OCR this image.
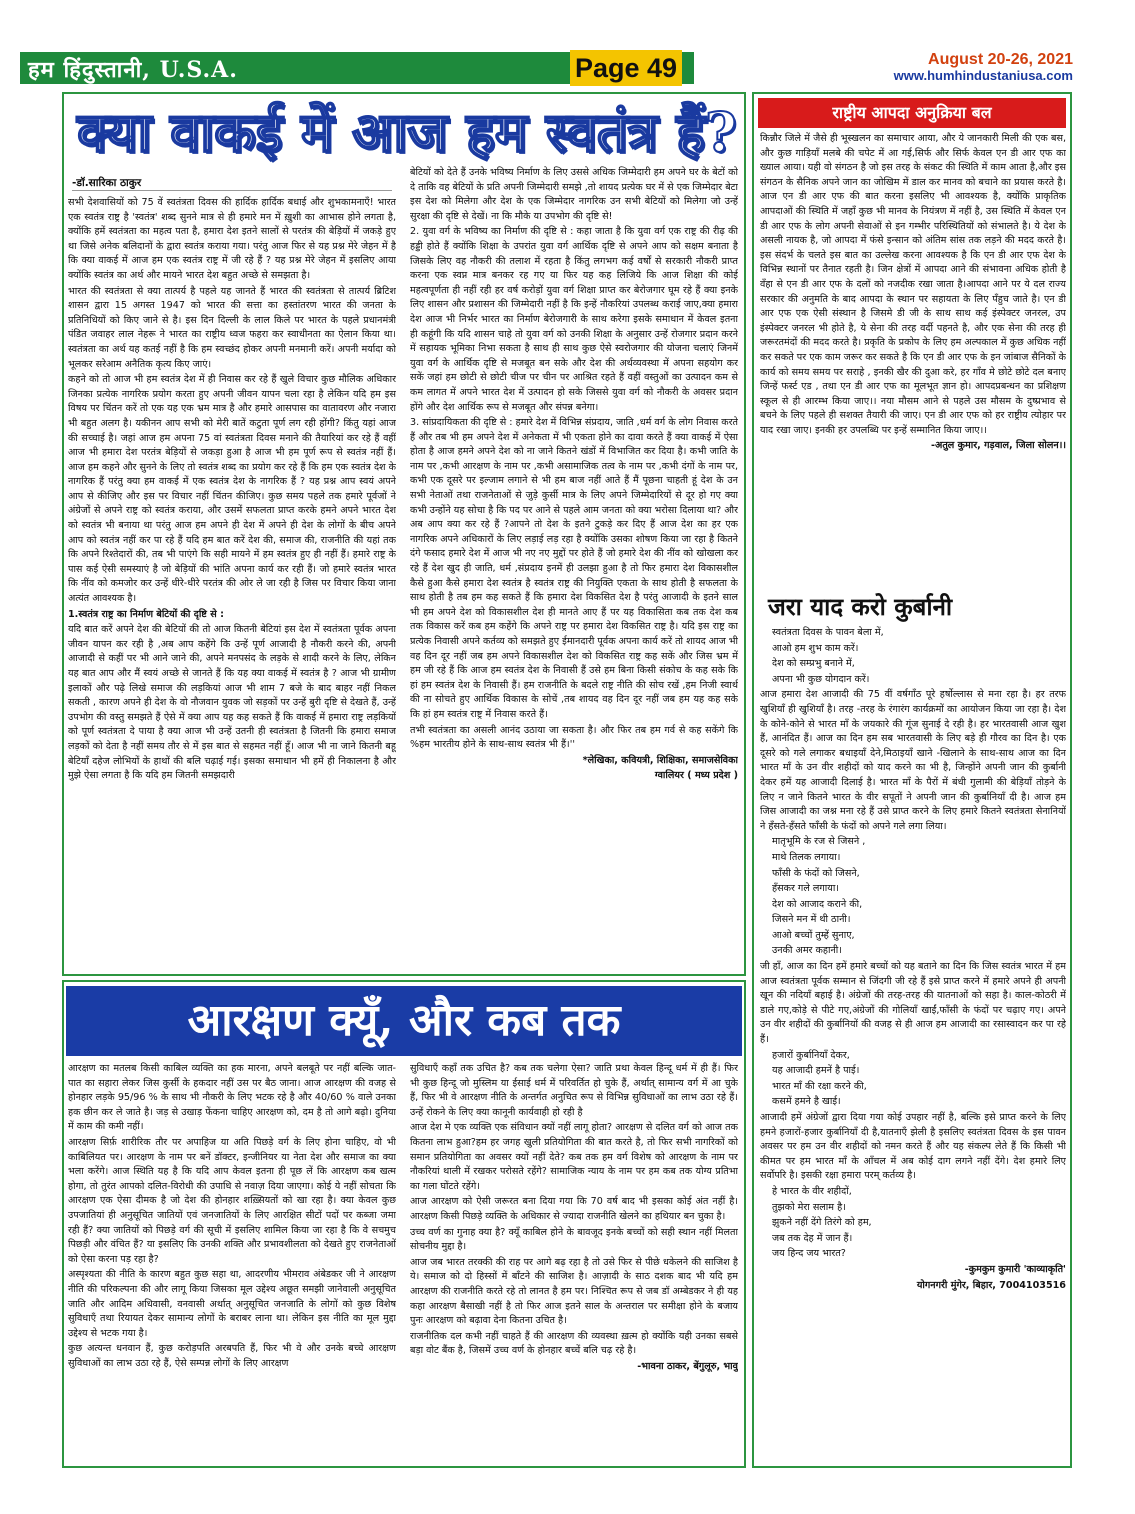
हम हिंदुस्तानी, U.S.A.	Page 49	August 20-26, 2021
www.humhindustaniusa.com
क्या वाकई में आज हम स्वतंत्र हैं?
-डॉ.सारिका ठाकुर

सभी देशवासियों को 75 वें स्वतंत्रता दिवस की हार्दिक हार्दिक बधाई और शुभकामनाएँ! भारत एक स्वतंत्र राष्ट्र है 'स्वतंत्र' शब्द सुनने मात्र से ही हमारे मन में ख़ुशी का आभास होने लगता है, क्योंकि हमें स्वतंत्रता का महत्व पता है, हमारा देश इतने सालों से परतंत्र की बेड़ियों में जकड़े हुए था जिसे अनेक बलिदानों के द्वारा स्वतंत्र कराया गया। परंतु आज फिर से यह प्रश्न मेरे जेहन में है कि क्या वाकई में आज हम एक स्वतंत्र राष्ट्र में जी रहे हैं ? यह प्रश्न मेरे जेहन में इसलिए आया क्योंकि स्वतंत्र का अर्थ और मायने भारत देश बहुत अच्छे से समझता है।

भारत की स्वतंत्रता से क्या तात्पर्य है पहले यह जानते हैं भारत की स्वतंत्रता से तात्पर्य ब्रिटिश शासन द्वारा 15 अगस्त 1947 को भारत की सत्ता का हस्तांतरण भारत की जनता के प्रतिनिधियों को किए जाने से है। इस दिन दिल्ली के लाल किले पर भारत के पहले प्रधानमंत्री पंडित जवाहर लाल नेहरू ने भारत का राष्ट्रीय ध्वज फहरा कर स्वाधीनता का ऐलान किया था। स्वतंत्रता का अर्थ यह कतई नहीं है कि हम स्वच्छंद होकर अपनी मनमानी करें। अपनी मर्यादा को भूलकर सरेआम अनैतिक कृत्य किए जाएं।

कहने को तो आज भी हम स्वतंत्र देश में ही निवास कर रहे हैं खुले विचार कुछ मौलिक अधिकार जिनका प्रत्येक नागरिक प्रयोग करता हुए अपनी जीवन यापन चला रहा है लेकिन यदि हम इस विषय पर चिंतन करें तो एक यह एक भ्रम मात्र है और हमारे आसपास का वातावरण और नजारा भी बहुत अलग है। यकीनन आप सभी को मेरी बातें कटुता पूर्ण लग रही होंगी? किंतु यहां आज की सच्चाई है। जहां आज हम अपना 75 वां स्वतंत्रता दिवस मनाने की तैयारियां कर रहे हैं वहीं आज भी हमारा देश परतंत्र बेड़ियों से जकड़ा हुआ है आज भी हम पूर्ण रूप से स्वतंत्र नहीं हैं। आज हम कहने और सुनने के लिए तो स्वतंत्र शब्द का प्रयोग कर रहे हैं कि हम एक स्वतंत्र देश के नागरिक हैं परंतु क्या हम वाकई में एक स्वतंत्र देश के नागरिक हैं ? यह प्रश्न आप स्वयं अपने आप से कीजिए और इस पर विचार नहीं चिंतन कीजिए। कुछ समय पहले तक हमारे पूर्वजों ने अंग्रेजों से अपने राष्ट्र को स्वतंत्र कराया, और उसमें सफलता प्राप्त करके हमने अपने भारत देश को स्वतंत्र भी बनाया था परंतु आज हम अपने ही देश में अपने ही देश के लोगों के बीच अपने आप को स्वतंत्र नहीं कर पा रहे हैं यदि हम बात करें देश की, समाज की, राजनीति की यहां तक कि अपने रिश्तेदारों की, तब भी पाएंगे कि सही मायने में हम स्वतंत्र हुए ही नहीं हैं। हमारे राष्ट्र के पास कई ऐसी समस्याएं है जो बेड़ियों की भांति अपना कार्य कर रही हैं। जो हमारे स्वतंत्र भारत कि नींव को कमजोर कर उन्हें धीरे-धीरे परतंत्र की ओर ले जा रही है जिस पर विचार किया जाना अत्यंत आवश्यक है।

1.स्वतंत्र राष्ट्र का निर्माण बेटियों की दृष्टि से :

यदि बात करें अपने देश की बेटियों की तो आज कितनी बेटियां इस देश में स्वतंत्रता पूर्वक अपना जीवन यापन कर रही है ,अब आप कहेंगे कि उन्हें पूर्ण आजादी है नौकरी करने की, अपनी आजादी से कहीं पर भी आने जाने की, अपने मनपसंद के लड़के से शादी करने के लिए, लेकिन यह बात आप और मैं स्वयं अच्छे से जानते हैं कि यह क्या वाकई में स्वतंत्र है ? आज भी ग्रामीण इलाकों और पढ़े लिखे समाज की लड़कियां आज भी शाम 7 बजे के बाद बाहर नहीं निकल सकती , कारण अपने ही देश के वो नौजवान युवक जो सड़कों पर उन्हें बुरी दृष्टि से देखते हैं, उन्हें उपभोग की वस्तु समझते हैं ऐसे में क्या आप यह कह सकते हैं कि वाकई में हमारा राष्ट्र लड़कियों को पूर्ण स्वतंत्रता दे पाया है क्या आज भी उन्हें उतनी ही स्वतंत्रता है जितनी कि हमारा समाज लड़कों को देता है नहीं समय तौर से में इस बात से सहमत नहीं हूँ। आज भी ना जाने कितनी बहू बेटियाँ दहेज लोभियों के हाथों की बलि चढ़ाई गई। इसका समाधान भी हमें ही निकालना है और मुझे ऐसा लगता है कि यदि हम जितनी समझदारी

बेटियों को देते हैं उनके भविष्य निर्माण के लिए उससे अधिक जिम्मेदारी हम अपने घर के बेटों को दे ताकि वह बेटियों के प्रति अपनी जिम्मेदारी समझे ,तो शायद प्रत्येक घर में से एक जिम्मेदार बेटा इस देश को मिलेगा और देश के एक जिम्मेदार नागरिक उन सभी बेटियों को मिलेगा जो उन्हें सुरक्षा की दृष्टि से देखें। ना कि मौके या उपभोग की दृष्टि से!

2. युवा वर्ग के भविष्य का निर्माण की दृष्टि से : कहा जाता है कि युवा वर्ग एक राष्ट्र की रीढ़ की हड्डी होते हैं क्योंकि शिक्षा के उपरांत युवा वर्ग आर्थिक दृष्टि से अपने आप को सक्षम बनाता है जिसके लिए वह नौकरी की तलाश में रहता है किंतु लगभग कई वर्षों से सरकारी नौकरी प्राप्त करना एक स्वप्न मात्र बनकर रह गए या फिर यह कह लिजिये कि आज शिक्षा की कोई महत्वपूर्णता ही नहीं रही हर वर्ष करोड़ों युवा वर्ग शिक्षा प्राप्त कर बेरोजगार घूम रहे हैं क्या इनके लिए शासन और प्रशासन की जिम्मेदारी नहीं है कि इन्हें नौकरियां उपलब्ध कराई जाए,क्या हमारा देश आज भी निर्भर भारत का निर्माण बेरोजगारी के साथ करेगा इसके समाधान में केवल इतना ही कहूंगी कि यदि शासन चाहे तो युवा वर्ग को उनकी शिक्षा के अनुसार उन्हें रोजगार प्रदान करने में सहायक भूमिका निभा सकता है साथ ही साथ कुछ ऐसे स्वरोजगार की योजना चलाएं जिनमें युवा वर्ग के आर्थिक दृष्टि से मजबूत बन सके और देश की अर्थव्यवस्था में अपना सहयोग कर सकें जहां हम छोटी से छोटी चीज पर चीन पर आश्रित रहते हैं वहीं वस्तुओं का उत्पादन कम से कम लागत में अपने भारत देश में उत्पादन हो सके जिससे युवा वर्ग को नौकरी के अवसर प्रदान होंगे और देश आर्थिक रूप से मजबूत और संपन्न बनेगा।

3. सांप्रदायिकता की दृष्टि से : हमारे देश में विभिन्न संप्रदाय, जाति ,धर्म वर्ग के लोग निवास करते हैं और तब भी हम अपने देश में अनेकता में भी एकता होने का दावा करते हैं क्या वाकई में ऐसा होता है आज हमने अपने देश को ना जाने कितने खंडों में विभाजित कर दिया है। कभी जाति के नाम पर ,कभी आरक्षण के नाम पर ,कभी असामाजिक तत्व के नाम पर ,कभी दंगों के नाम पर, कभी एक दूसरे पर इल्जाम लगाने से भी हम बाज नहीं आते हैं मैं पूछना चाहती हूं देश के उन सभी नेताओं तथा राजनेताओं से जुड़े कुर्सी मात्र के लिए अपने जिम्मेदारियों से दूर हो गए क्या कभी उन्होंने यह सोचा है कि पद पर आने से पहले आम जनता को क्या भरोसा दिलाया था? और अब आप क्या कर रहे हैं ?आपने तो देश के इतने टुकड़े कर दिए हैं आज देश का हर एक नागरिक अपने अधिकारों के लिए लड़ाई लड़ रहा है क्योंकि उसका शोषण किया जा रहा है कितने दंगे फसाद हमारे देश में आज भी नए नए मुद्दों पर होते हैं जो हमारे देश की नींव को खोखला कर रहे हैं देश खुद ही जाति, धर्म ,संप्रदाय इनमें ही उलझा हुआ है तो फिर हमारा देश विकासशील कैसे हुआ कैसे हमारा देश स्वतंत्र है स्वतंत्र राष्ट्र की नियुक्ति एकता के साथ होती है सफलता के साथ होती है तब हम कह सकते हैं कि हमारा देश विकसित देश है परंतु आजादी के इतने साल भी हम अपने देश को विकासशील देश ही मानते आए हैं पर यह विकासिता कब तक देश कब तक विकास करें कब हम कहेंगे कि अपने राष्ट्र पर हमारा देश विकसित राष्ट्र है। यदि इस राष्ट्र का प्रत्येक निवासी अपने कर्तव्य को समझते हुए ईमानदारी पूर्वक अपना कार्य करें तो शायद आज भी वह दिन दूर नहीं जब हम अपने विकासशील देश को विकसित राष्ट्र कह सकें और जिस भ्रम में हम जी रहे हैं कि आज हम स्वतंत्र देश के निवासी हैं उसे हम बिना किसी संकोच के कह सके कि हां हम स्वतंत्र देश के निवासी हैं। हम राजनीति के बदले राष्ट्र नीति की सोच रखें ,हम निजी स्वार्थ की ना सोचते हुए आर्थिक विकास के सोचें ,तब शायद वह दिन दूर नहीं जब हम यह कह सके कि हां हम स्वतंत्र राष्ट्र में निवास करते हैं।

तभी स्वतंत्रता का असली आनंद उठाया जा सकता है। और फिर तब हम गर्व से कह सकेंगे कि %हम भारतीय होने के साथ-साथ स्वतंत्र भी हैं।''

*लेखिका, कवियत्री, शिक्षिका, समाजसेविका

ग्वालियर ( मध्य प्रदेश )

आरक्षण क्यूँ, और कब तक

आरक्षण का मतलब किसी काबिल व्यक्ति का हक मारना, अपने बलबूते पर नहीं बल्कि जात-पात का सहारा लेकर जिस कुर्सी के हकदार नहीं उस पर बैठ जाना। आज आरक्षण की वजह से होनहार लड़के 95/96 % के साथ भी नौकरी के लिए भटक रहे है और 40/60 % वाले उनका हक छीन कर ले जाते है। जड़ से उखाड़ फेंकना चाहिए आरक्षण को, दम है तो आगे बढ़ो। दुनिया में काम की कमी नहीं।

आरक्षण सिर्फ़ शारीरिक तौर पर अपाहिज या अति पिछड़े वर्ग के लिए होना चाहिए, वो भी काबिलियत पर। आरक्षण के नाम पर बनें डॉक्टर, इन्जीनियर या नेता देश और समाज का क्या भला करेंगे। आज स्थिति यह है कि यदि आप केवल इतना ही पूछ लें कि आरक्षण कब खत्म होगा, तो तुरंत आपको दलित-विरोधी की उपाधि से नवाज़ दिया जाएगा। कोई ये नहीं सोचता कि आरक्षण एक ऐसा दीमक है जो देश की होनहार शख़्सियतों को खा रहा है। क्या केवल कुछ उपजातियां ही अनुसूचित जातियों एवं जनजातियों के लिए आरक्षित सीटों पदों पर कब्जा जमा रही हैं? क्या जातियों को पिछड़े वर्ग की सूची में इसलिए शामिल किया जा रहा है कि वे सचमुच पिछड़ी और वंचित हैं? या इसलिए कि उनकी शक्ति और प्रभावशीलता को देखते हुए राजनेताओं को ऐसा करना पड़ रहा है?

अस्पृश्यता की नीति के कारण बहुत कुछ सहा था, आदरणीय भीमराव अंबेडकर जी ने आरक्षण नीति की परिकल्पना की और लागू किया जिसका मूल उद्देश्य अछूत समझी जानेवाली अनुसूचित जाति और आदिम अधिवासी, वनवासी अर्थात् अनुसूचित जनजाति के लोगों को कुछ विशेष सुविधाएँ तथा रियायत देकर सामान्य लोगों के बराबर लाना था। लेकिन इस नीति का मूल मुद्दा उद्देश्य से भटक गया है।

कुछ अत्यन्त धनवान हैं, कुछ करोड़पति अरबपति हैं, फिर भी वे और उनके बच्चे आरक्षण सुविधाओं का लाभ उठा रहे हैं, ऐसे सम्पन्न लोगों के लिए आरक्षण

सुविधाएँ कहाँ तक उचित है? कब तक चलेगा ऐसा? जाति प्रथा केवल हिन्दू धर्म में ही हैं। फिर भी कुछ हिन्दू जो मुस्लिम या ईसाई धर्म में परिवर्तित हो चुके हैं, अर्थात् सामान्य वर्ग में आ चुके हैं, फिर भी वे आरक्षण नीति के अन्तर्गत अनुचित रूप से विभिन्न सुविधाओं का लाभ उठा रहे हैं। उन्हें रोकने के लिए क्या कानूनी कार्यवाही हो रही है

आज देश मे एक व्यक्ति एक संविधान क्यों नहीं लागू होता? आरक्षण से दलित वर्ग को आज तक कितना लाभ हुआ?हम हर जगह खुली प्रतियोगिता की बात करते है, तो फिर सभी नागरिकों को समान प्रतियोगिता का अवसर क्यों नहीं देते? कब तक हम वर्ग विशेष को आरक्षण के नाम पर नौकरियां थाली में रखकर परोसते रहेंगे? सामाजिक न्याय के नाम पर हम कब तक योग्य प्रतिभा का गला घोंटते रहेंगे।

आज आरक्षण को ऐसी जरूरत बना दिया गया कि 70 वर्ष बाद भी इसका कोई अंत नहीं है। आरक्षण किसी पिछड़े व्यक्ति के अधिकार से ज्यादा राजनीति खेलने का हथियार बन चुका है।

उच्च वर्ण का गुनाह क्या है? क्यूँ काबिल होने के बावजूद इनके बच्चों को सही स्थान नहीं मिलता सोचनीय मुद्दा है।

आज जब भारत तरक्की की राह पर आगे बढ़ रहा है तो उसे फिर से पीछे धकेलने की साजिश है ये। समाज को दो हिस्सों में बाँटने की साजिश है। आज़ादी के साठ दशक बाद भी यदि हम आरक्षण की राजनीति करते रहे तो लानत है हम पर। निश्चित रूप से जब डॉ अम्बेडकर ने ही यह कहा आरक्षण बैसाखी नहीं है तो फिर आज इतने साल के अन्तराल पर समीक्षा होने के बजाय पुनः आरक्षण को बढ़ावा देना कितना उचित है।

राजनीतिक दल कभी नहीं चाहते हैं की आरक्षण की व्यवस्था ख़त्म हो क्योंकि यही उनका सबसे बड़ा वोट बैंक है, जिसमें उच्च वर्ण के होनहार बच्चें बलि चढ़ रहे है।

-भावना ठाकर, बेंगुलूरु, भावु

राष्ट्रीय आपदा अनुक्रिया बल

किन्नौर जिले में जैसे ही भूस्खलन का समाचार आया, और ये जानकारी मिली की एक बस, और कुछ गाड़ियाँ मलबे की चपेट में आ गई,सिर्फ और सिर्फ केवल एन डी आर एफ का ख्याल आया। यही वो संगठन है जो इस तरह के संकट की स्थिति में काम आता है,और इस संगठन के सैनिक अपने जान का जोखिम में डाल कर मानव को बचाने का प्रयास करते है।आज एन डी आर एफ की बात करना इसलिए भी आवश्यक है, क्योंकि प्राकृतिक आपदाओं की स्थिति में जहाँ कुछ भी मानव के नियंत्रण में नहीं है, उस स्थिति में केवल एन डी आर एफ के लोग अपनी सेवाओं से इन गम्भीर परिस्थितियों को संभालते है। ये देश के असली नायक है, जो आपदा में फंसे इन्सान को अंतिम सांस तक लड़ने की मदद करते है। इस संदर्भ के चलते इस बात का उल्लेख करना आवश्यक है कि एन डी आर एफ देश के विभिन्न स्थानों पर तैनात रहती है। जिन क्षेत्रों में आपदा आने की संभावना अधिक होती है वँहा से एन डी आर एफ के दलों को नजदीक रखा जाता है।आपदा आने पर ये दल राज्य सरकार की अनुमति के बाद आपदा के स्थान पर सहायता के लिए पँहुच जाते है। एन डी आर एफ एक ऐसी संस्थान है जिसमे डी जी के साथ साथ कई इंस्पेक्टर जनरल, उप इंस्पेक्टर जनरल भी होते है, ये सेना की तरह वर्दी पहनते है, और एक सेना की तरह ही जरूरतमंदों की मदद करते है। प्रकृति के प्रकोप के लिए हम अल्पकाल में कुछ अधिक नहीं कर सकते पर एक काम जरूर कर सकते है कि एन डी आर एफ के इन जांबाज सैनिकों के कार्य को समय समय पर सराहे , इनकी खैर की दुआ करे, हर गाँव मे छोटे छोटे दल बनाए जिन्हें फर्स्ट एड , तथा एन डी आर एफ का मूलभूत ज्ञान हो। आपदप्रबन्धन का प्रशिक्षण स्कूल से ही आरम्भ किया जाए।। नया मौसम आने से पहले उस मौसम के दुष्प्रभाव से बचने के लिए पहले ही सशक्त तैयारी की जाए। एन डी आर एफ को हर राष्ट्रीय त्योहार पर याद रखा जाए। इनकी हर उपलब्धि पर इन्हें सम्मानित किया जाए।।

-अतुल कुमार, गड़वाल, जिला सोलन।।

जरा याद करो कुर्बानी

स्वतंत्रता दिवस के पावन बेला में,

आओ हम शुभ काम करें।

देश को सम्प्रभु बनाने में,

अपना भी कुछ योगदान करें।

आज हमारा देश आजादी की 75 वीं वर्षगाँठ पूरे हर्षोल्लास से मना रहा है। हर तरफ खुशियाँ ही खुशियाँ है। तरह -तरह के रंगारंग कार्यक्रमों का आयोजन किया जा रहा है। देश के कोने-कोने से भारत माँ के जयकारे की गूंज सुनाई दे रही है। हर भारतवासी आज खुश हैं, आनंदित हैं। आज का दिन हम सब भारतवासी के लिए बड़े ही गौरव का दिन है। एक दूसरे को गले लगाकर बधाइयाँ देने,मिठाइयाँ खाने -खिलाने के साथ-साथ आज का दिन भारत माँ के उन वीर शहीदों को याद करने का भी है, जिन्होंने अपनी जान की कुर्बानी देकर हमें यह आजादी दिलाई है। भारत माँ के पैरों में बंधी गुलामी की बेड़ियाँ तोड़ने के लिए न जाने कितने भारत के वीर सपूतों ने अपनी जान की कुर्बानियाँ दी है। आज हम जिस आजादी का जश्न मना रहे हैं उसे प्राप्त करने के लिए हमारे कितने स्वतंत्रता सेनानियों ने हँसते-हँसते फाँसी के फंदों को अपने गले लगा लिया।

मातृभूमि के रज से जिसने ,

माथे तिलक लगाया।

फाँसी के फंदों को जिसने,

हँसकर गले लगाया।

देश को आजाद कराने की,

जिसने मन में थी ठानी।

आओ बच्चों तुम्हें सुनाए,

उनकी अमर कहानी।

जी हाँ, आज का दिन हमें हमारे बच्चों को यह बताने का दिन कि जिस स्वतंत्र भारत में हम आज स्वतंत्रता पूर्वक सम्मान से जिंदगी जी रहे हैं इसे प्राप्त करने में हमारे अपने ही अपनी खून की नदियाँ बहाई है। अंग्रेजों की तरह-तरह की यातनाओं को सहा है। काल-कोठरी में डाले गए,कोड़े से पीटे गए,अंग्रेजों की गोलियाँ खाईं,फाँसी के फंदों पर चढ़ाए गए। अपने उन वीर शहीदों की कुर्बानियों की वजह से ही आज हम आजादी का रसास्वादन कर पा रहे हैं।

हजारों कुर्बानियाँ देकर,

यह आजादी हमनें है पाई।

भारत माँ की रक्षा करने की,

कसमें हमने है खाई।

आजादी हमें अंग्रेजों द्वारा दिया गया कोई उपहार नहीं है, बल्कि इसे प्राप्त करने के लिए हमने हजारों-हजार कुर्बानियाँ दी है,यातनाएँ झेली है इसलिए स्वतंत्रता दिवस के इस पावन अवसर पर हम उन वीर शहीदों को नमन करते हैं और यह संकल्प लेते हैं कि किसी भी कीमत पर हम भारत माँ के आँचल में अब कोई दाग लगने नहीं देंगे। देश हमारे लिए सर्वोपरि है। इसकी रक्षा हमारा परम् कर्तव्य है।

हे भारत के वीर शहीदों,

तुझको मेरा सलाम है।

झुकने नहीं देंगे तिरंगे को हम,

जब तक देह में जान हैं।

जय हिन्द जय भारत?

-कुमकुम कुमारी 'काव्याकृति'

योगनगरी मुंगेर, बिहार, 7004103516
